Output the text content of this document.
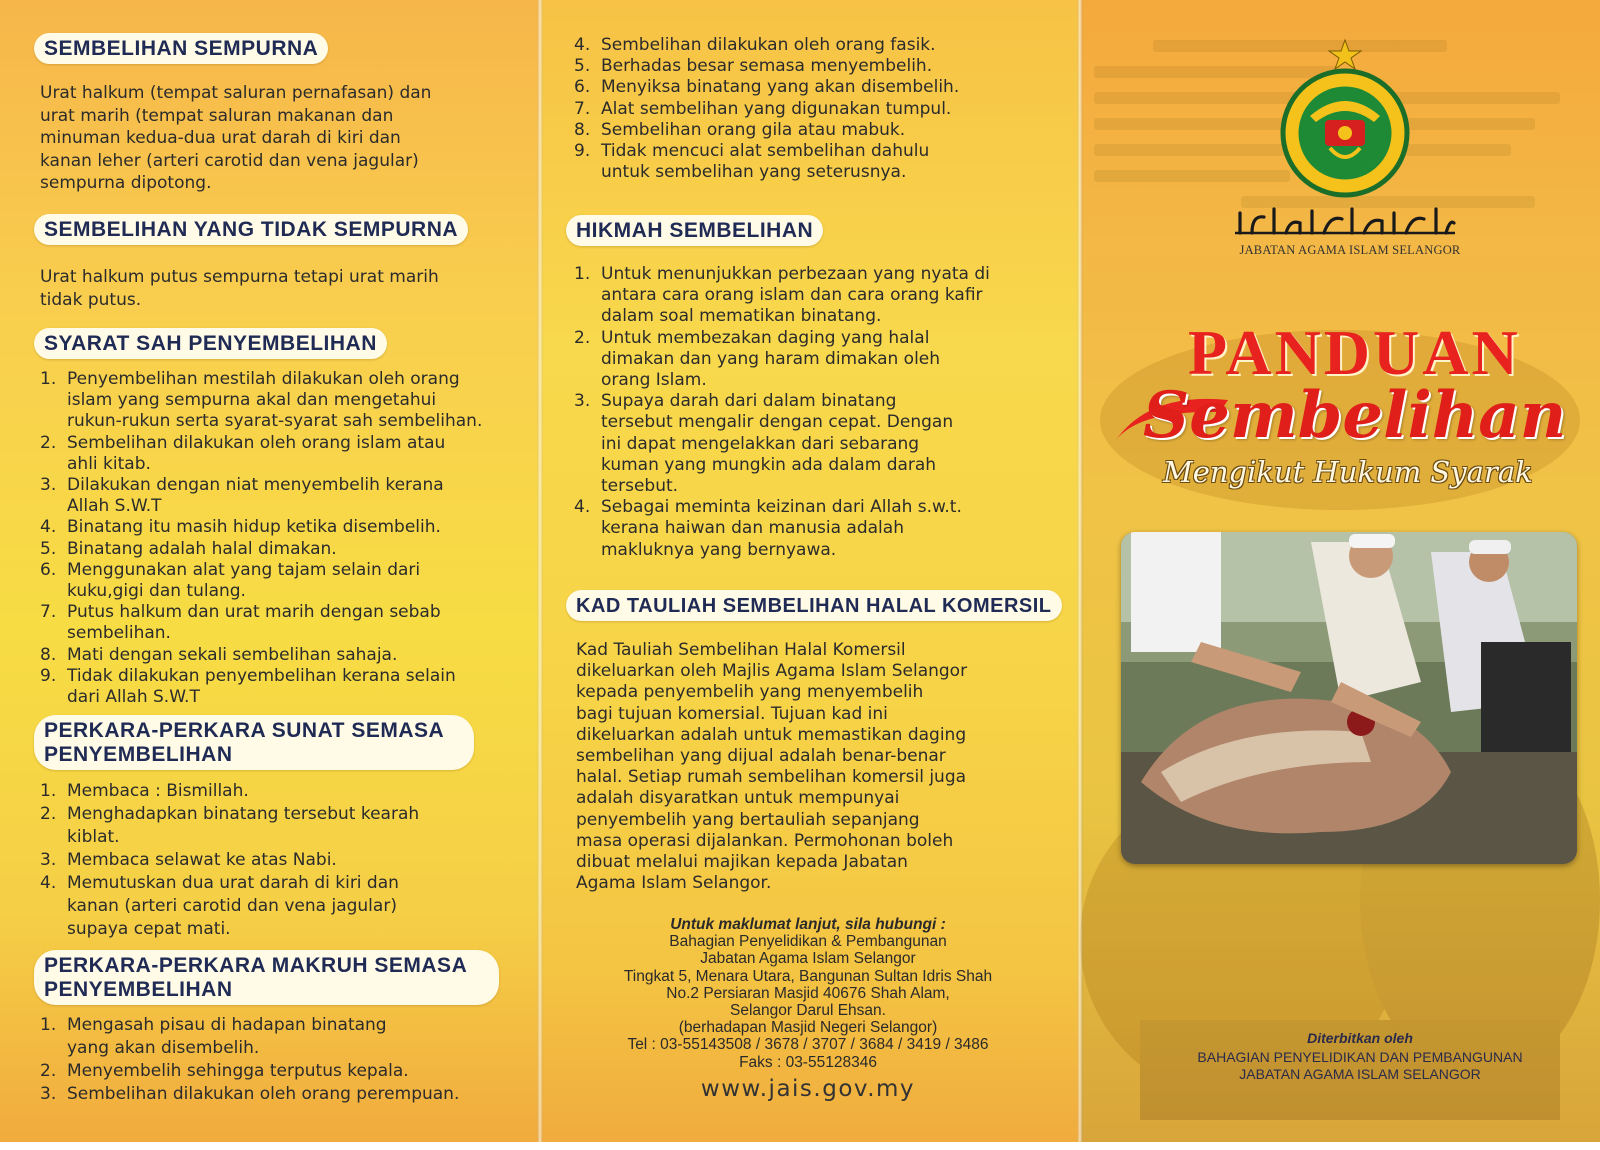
SEMBELIHAN SEMPURNA
Urat halkum (tempat saluran pernafasan) dan
urat marih (tempat saluran makanan dan
minuman kedua-dua urat darah di kiri dan
kanan leher (arteri carotid dan vena jagular)
sempurna dipotong.
SEMBELIHAN YANG TIDAK SEMPURNA
Urat halkum putus sempurna tetapi urat marih
tidak putus.
SYARAT SAH PENYEMBELIHAN
1. Penyembelihan mestilah dilakukan oleh orang
islam yang sempurna akal dan mengetahui
rukun-rukun serta syarat-syarat sah sembelihan.
2. Sembelihan dilakukan oleh orang islam atau
ahli kitab.
3. Dilakukan dengan niat menyembelih kerana
Allah S.W.T
4. Binatang itu masih hidup ketika disembelih.
5. Binatang adalah halal dimakan.
6. Menggunakan alat yang tajam selain dari
kuku,gigi dan tulang.
7. Putus halkum dan urat marih dengan sebab
sembelihan.
8. Mati dengan sekali sembelihan sahaja.
9. Tidak dilakukan penyembelihan kerana selain
dari Allah S.W.T
PERKARA-PERKARA SUNAT SEMASA
PENYEMBELIHAN
1. Membaca : Bismillah.
2. Menghadapkan binatang tersebut kearah
kiblat.
3. Membaca selawat ke atas Nabi.
4. Memutuskan dua urat darah di kiri dan
kanan (arteri carotid dan vena jagular)
supaya cepat mati.
PERKARA-PERKARA MAKRUH SEMASA
PENYEMBELIHAN
1. Mengasah pisau di hadapan binatang
yang akan disembelih.
2. Menyembelih sehingga terputus kepala.
3. Sembelihan dilakukan oleh orang perempuan.
4. Sembelihan dilakukan oleh orang fasik.
5. Berhadas besar semasa menyembelih.
6. Menyiksa binatang yang akan disembelih.
7. Alat sembelihan yang digunakan tumpul.
8. Sembelihan orang gila atau mabuk.
9. Tidak mencuci alat sembelihan dahulu
untuk sembelihan yang seterusnya.
HIKMAH SEMBELIHAN
1. Untuk menunjukkan perbezaan yang nyata di
antara cara orang islam dan cara orang kafir
dalam soal mematikan binatang.
2. Untuk membezakan daging yang halal
dimakan dan yang haram dimakan oleh
orang Islam.
3. Supaya darah dari dalam binatang
tersebut mengalir dengan cepat. Dengan
ini dapat mengelakkan dari sebarang
kuman yang mungkin ada dalam darah
tersebut.
4. Sebagai meminta keizinan dari Allah s.w.t.
kerana haiwan dan manusia adalah
makluknya yang bernyawa.
KAD TAULIAH SEMBELIHAN HALAL KOMERSIL
Kad Tauliah Sembelihan Halal Komersil
dikeluarkan oleh Majlis Agama Islam Selangor
kepada penyembelih yang menyembelih
bagi tujuan komersial. Tujuan kad ini
dikeluarkan adalah untuk memastikan daging
sembelihan yang dijual adalah benar-benar
halal. Setiap rumah sembelihan komersil juga
adalah disyaratkan untuk mempunyai
penyembelih yang bertauliah sepanjang
masa operasi dijalankan. Permohonan boleh
dibuat melalui majikan kepada Jabatan
Agama Islam Selangor.
Untuk maklumat lanjut, sila hubungi :
Bahagian Penyelidikan & Pembangunan
Jabatan Agama Islam Selangor
Tingkat 5, Menara Utara, Bangunan Sultan Idris Shah
No.2 Persiaran Masjid 40676 Shah Alam,
Selangor Darul Ehsan.
(berhadapan Masjid Negeri Selangor)
Tel : 03-55143508 / 3678 / 3707 / 3684 / 3419 / 3486
Faks : 03-55128346
www.jais.gov.my
JABATAN AGAMA ISLAM SELANGOR
PANDUAN
Sembelihan
Mengikut Hukum Syarak
Diterbitkan oleh
BAHAGIAN PENYELIDIKAN DAN PEMBANGUNAN
JABATAN AGAMA ISLAM SELANGOR
